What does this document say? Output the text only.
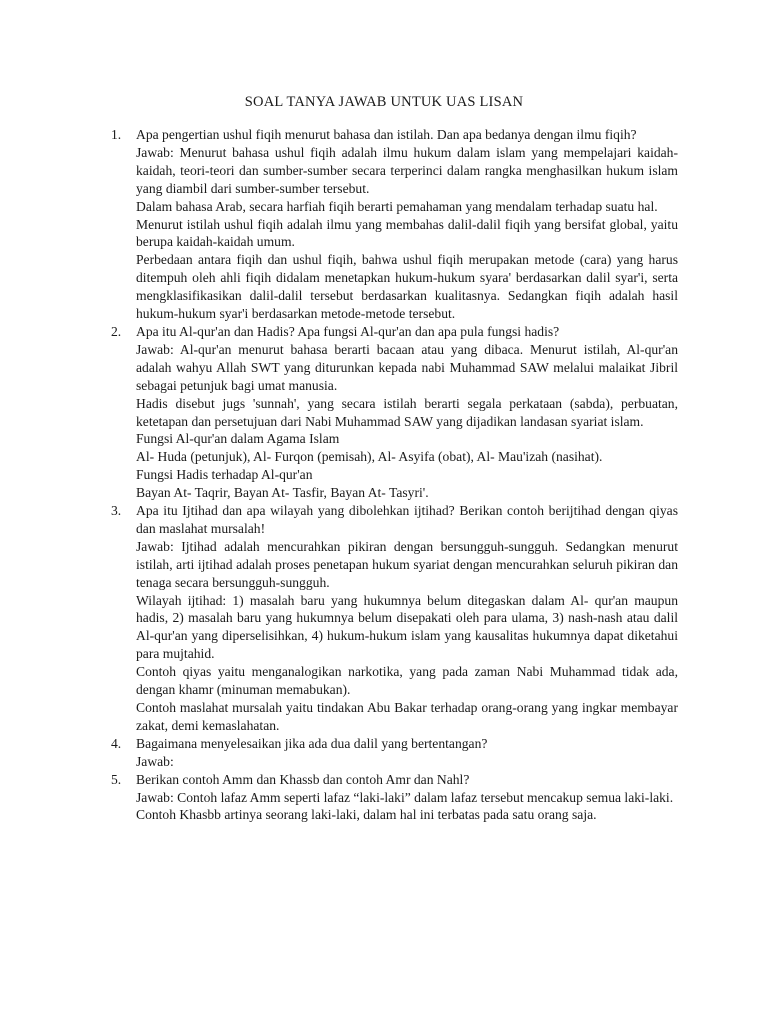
SOAL TANYA JAWAB UNTUK UAS LISAN
1. Apa pengertian ushul fiqih menurut bahasa dan istilah. Dan apa bedanya dengan ilmu fiqih?

Jawab: Menurut bahasa ushul fiqih adalah ilmu hukum dalam islam yang mempelajari kaidah-kaidah, teori-teori dan sumber-sumber secara terperinci dalam rangka menghasilkan hukum islam yang diambil dari sumber-sumber tersebut.

Dalam bahasa Arab, secara harfiah fiqih berarti pemahaman yang mendalam terhadap suatu hal.

Menurut istilah ushul fiqih adalah ilmu yang membahas dalil-dalil fiqih yang bersifat global, yaitu berupa kaidah-kaidah umum.

Perbedaan antara fiqih dan ushul fiqih, bahwa ushul fiqih merupakan metode (cara) yang harus ditempuh oleh ahli fiqih didalam menetapkan hukum-hukum syara' berdasarkan dalil syar'i, serta mengklasifikasikan dalil-dalil tersebut berdasarkan kualitasnya. Sedangkan fiqih adalah hasil hukum-hukum syar'i berdasarkan metode-metode tersebut.

2. Apa itu Al-qur'an dan Hadis? Apa fungsi Al-qur'an dan apa pula fungsi hadis?

Jawab: Al-qur'an menurut bahasa berarti bacaan atau yang dibaca. Menurut istilah, Al-qur'an adalah wahyu Allah SWT yang diturunkan kepada nabi Muhammad SAW melalui malaikat Jibril sebagai petunjuk bagi umat manusia.

Hadis disebut jugs 'sunnah', yang secara istilah berarti segala perkataan (sabda), perbuatan, ketetapan dan persetujuan dari Nabi Muhammad SAW yang dijadikan landasan syariat islam.

Fungsi Al-qur'an dalam Agama Islam

Al- Huda (petunjuk), Al- Furqon (pemisah), Al- Asyifa (obat), Al- Mau'izah (nasihat).

Fungsi Hadis terhadap Al-qur'an

Bayan At- Taqrir, Bayan At- Tasfir, Bayan At- Tasyri'.

3. Apa itu Ijtihad dan apa wilayah yang dibolehkan ijtihad? Berikan contoh berijtihad dengan qiyas dan maslahat mursalah!

Jawab: Ijtihad adalah mencurahkan pikiran dengan bersungguh-sungguh. Sedangkan menurut istilah, arti ijtihad adalah proses penetapan hukum syariat dengan mencurahkan seluruh pikiran dan tenaga secara bersungguh-sungguh.

Wilayah ijtihad: 1) masalah baru yang hukumnya belum ditegaskan dalam Al- qur'an maupun hadis, 2) masalah baru yang hukumnya belum disepakati oleh para ulama, 3) nash-nash atau dalil Al-qur'an yang diperselisihkan, 4) hukum-hukum islam yang kausalitas hukumnya dapat diketahui para mujtahid.

Contoh qiyas yaitu menganalogikan narkotika, yang pada zaman Nabi Muhammad tidak ada, dengan khamr (minuman memabukan).

Contoh maslahat mursalah yaitu tindakan Abu Bakar terhadap orang-orang yang ingkar membayar zakat, demi kemaslahatan.

4. Bagaimana menyelesaikan jika ada dua dalil yang bertentangan?

Jawab:

5. Berikan contoh Amm dan Khassb dan contoh Amr dan Nahl?

Jawab: Contoh lafaz Amm seperti lafaz “laki-laki” dalam lafaz tersebut mencakup semua laki-laki.

Contoh Khasbb artinya seorang laki-laki, dalam hal ini terbatas pada satu orang saja.
